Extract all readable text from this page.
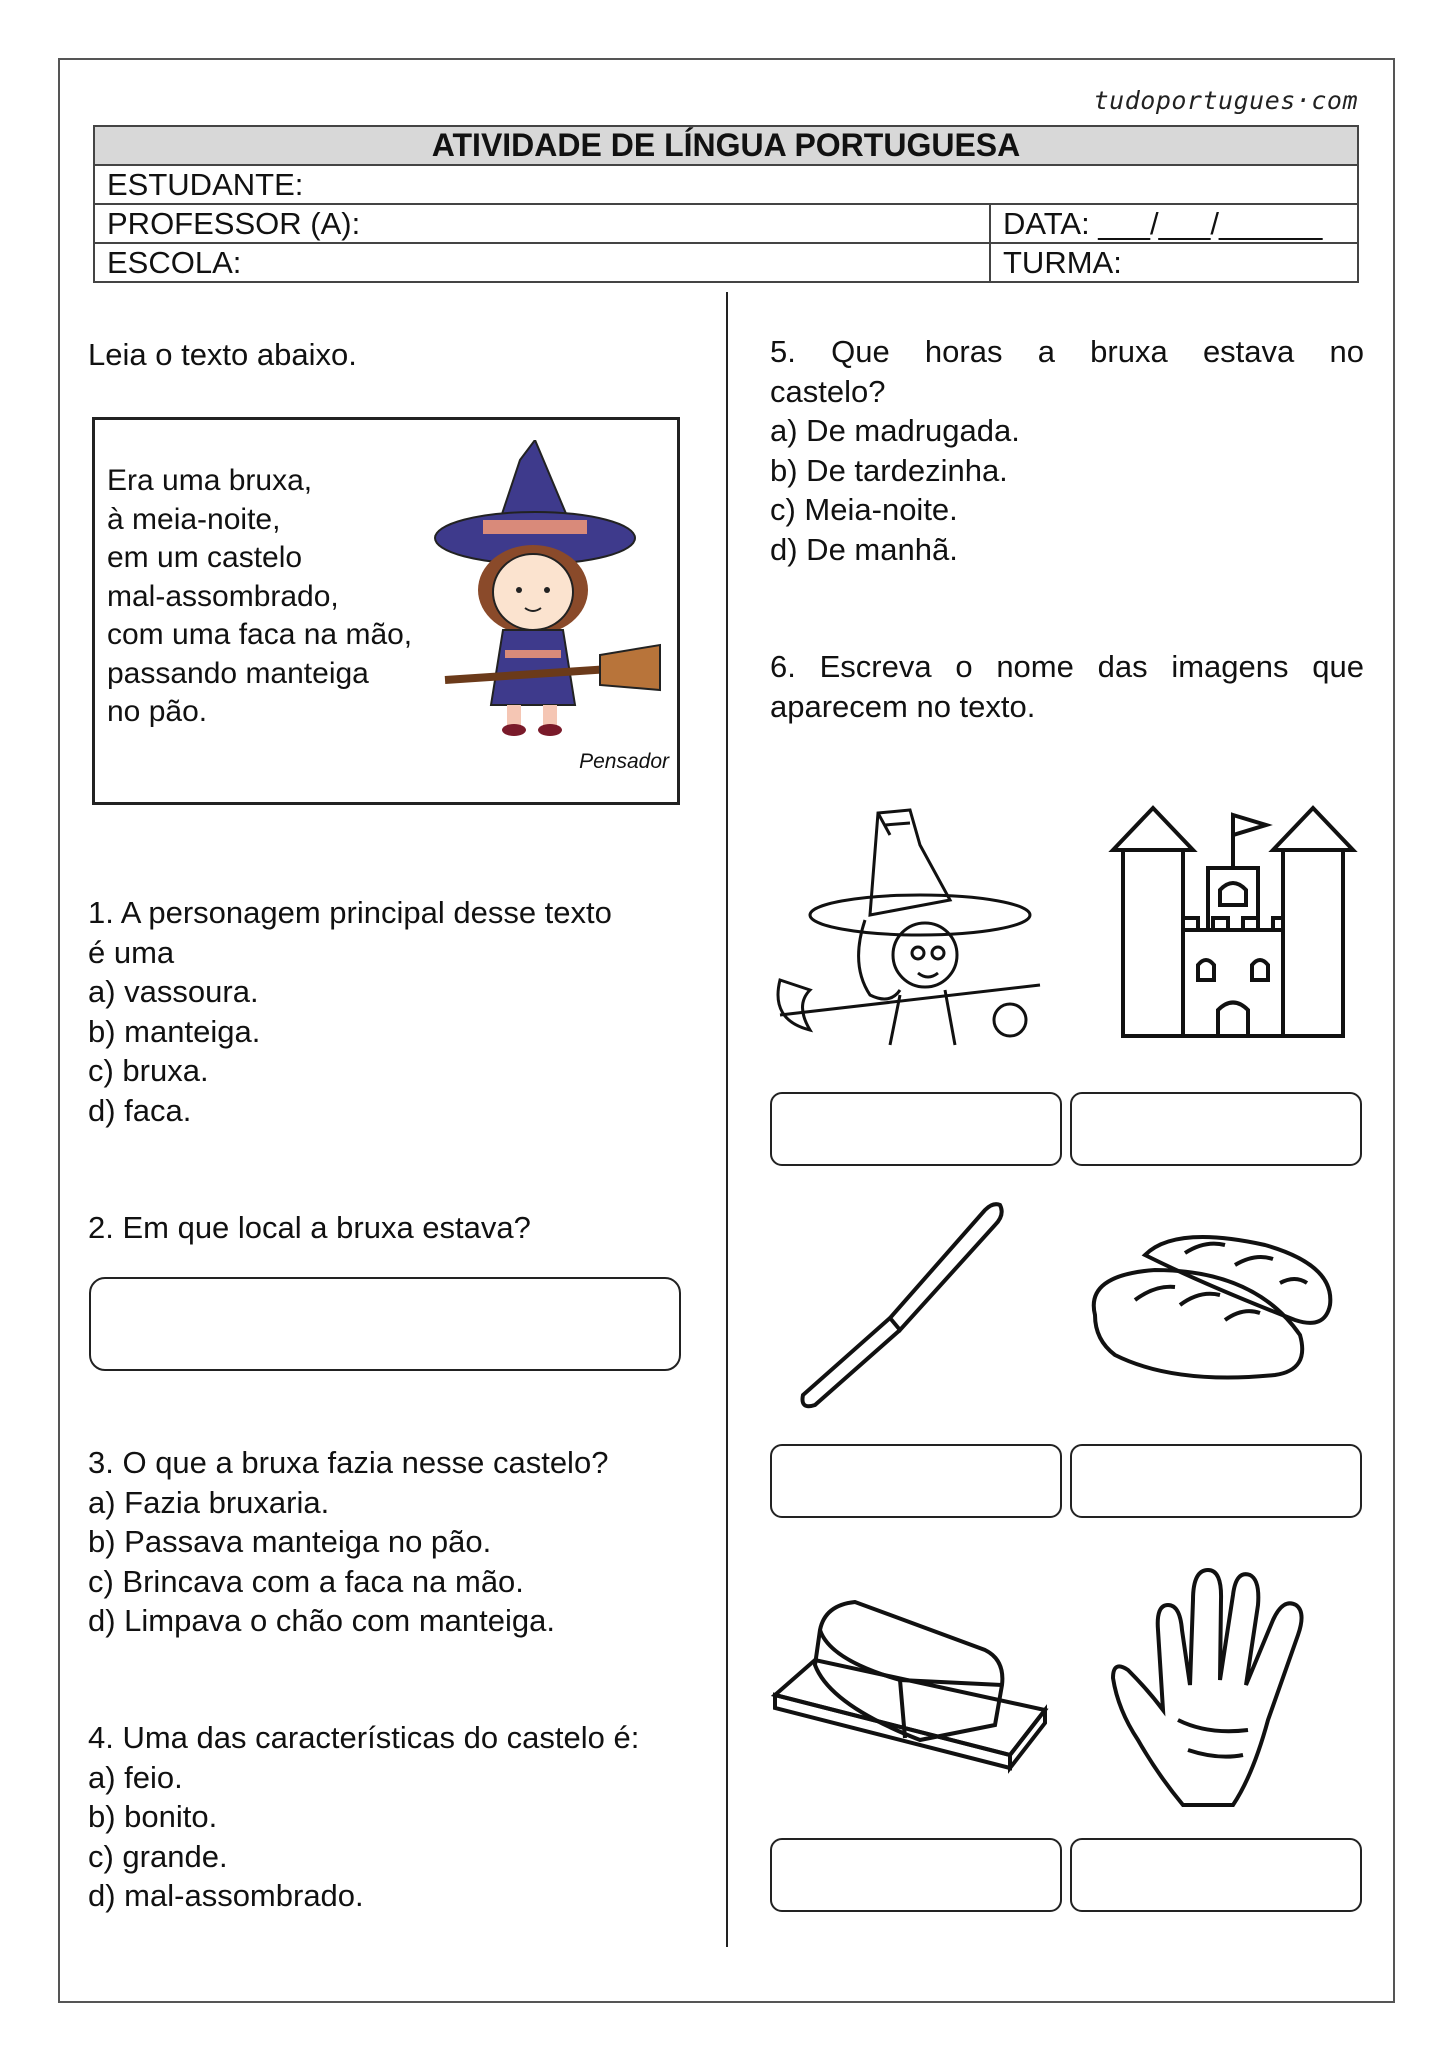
tudoportugues·com
ATIVIDADE DE LÍNGUA PORTUGUESA	
ESTUDANTE:	
PROFESSOR (A):	DATA: ___/___/______
ESCOLA:	TURMA:

Leia o texto abaixo.

Era uma bruxa,
à meia-noite,
em um castelo
mal-assombrado,
com uma faca na mão,
passando manteiga
no pão.
Pensador
1. A personagem principal desse texto
é uma
a) vassoura.
b) manteiga.
c) bruxa.
d) faca.
2. Em que local a bruxa estava?
3. O que a bruxa fazia nesse castelo?
a) Fazia bruxaria.
b) Passava manteiga no pão.
c) Brincava com a faca na mão.
d) Limpava o chão com manteiga.
4. Uma das características do castelo é:
a) feio.
b) bonito.
c) grande.
d) mal-assombrado.
5. Que horas a bruxa estava no
castelo?
a) De madrugada.
b) De tardezinha.
c) Meia-noite.
d) De manhã.
6. Escreva o nome das imagens que
aparecem no texto.
